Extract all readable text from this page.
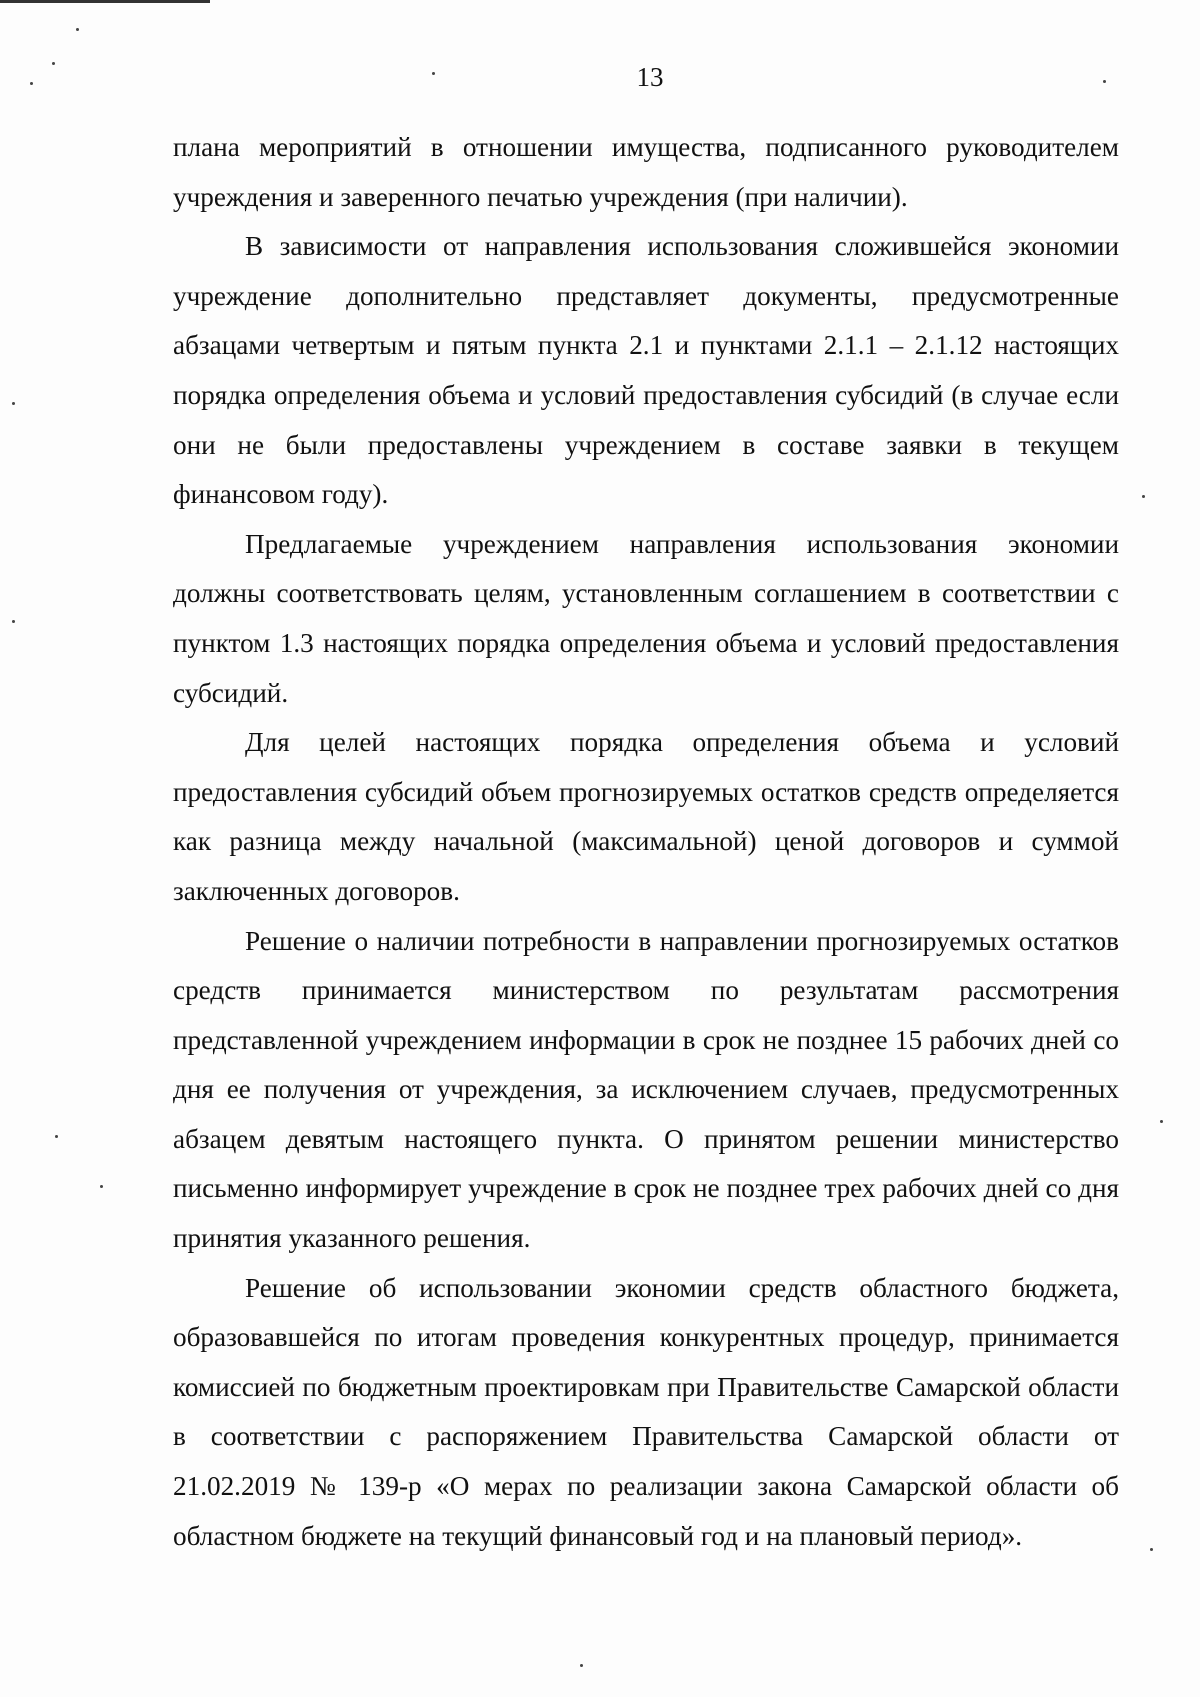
13

плана мероприятий в отношении имущества, подписанного руководителем учреждения и заверенного печатью учреждения (при наличии).

В зависимости от направления использования сложившейся экономии учреждение дополнительно представляет документы, предусмотренные абзацами четвертым и пятым пункта 2.1 и пунктами 2.1.1 – 2.1.12 настоящих порядка определения объема и условий предоставления субсидий (в случае если они не были предоставлены учреждением в составе заявки в текущем финансовом году).

Предлагаемые учреждением направления использования экономии должны соответствовать целям, установленным соглашением в соответствии с пунктом 1.3 настоящих порядка определения объема и условий предоставления субсидий.

Для целей настоящих порядка определения объема и условий предоставления субсидий объем прогнозируемых остатков средств определяется как разница между начальной (максимальной) ценой договоров и суммой заключенных договоров.

Решение о наличии потребности в направлении прогнозируемых остатков средств принимается министерством по результатам рассмотрения представленной учреждением информации в срок не позднее 15 рабочих дней со дня ее получения от учреждения, за исключением случаев, предусмотренных абзацем девятым настоящего пункта. О принятом решении министерство письменно информирует учреждение в срок не позднее трех рабочих дней со дня принятия указанного решения.

Решение об использовании экономии средств областного бюджета, образовавшейся по итогам проведения конкурентных процедур, принимается комиссией по бюджетным проектировкам при Правительстве Самарской области в соответствии с распоряжением Правительства Самарской области от 21.02.2019 № 139-р «О мерах по реализации закона Самарской области об областном бюджете на текущий финансовый год и на плановый период».
